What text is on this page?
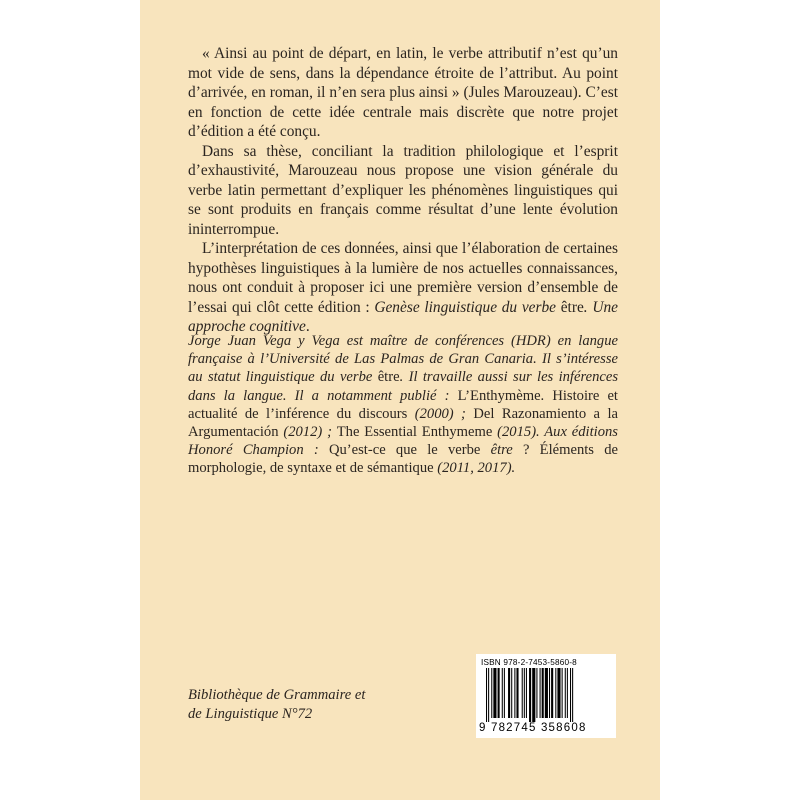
« Ainsi au point de départ, en latin, le verbe attributif n’est qu’un mot vide de sens, dans la dépendance étroite de l’attribut. Au point d’arrivée, en roman, il n’en sera plus ainsi » (Jules Marouzeau). C’est en fonction de cette idée centrale mais discrète que notre projet d’édition a été conçu.

Dans sa thèse, conciliant la tradition philologique et l’esprit d’exhaustivité, Marouzeau nous propose une vision générale du verbe latin permettant d’expliquer les phénomènes linguistiques qui se sont produits en français comme résultat d’une lente évolution ininterrompue.

L’interprétation de ces données, ainsi que l’élaboration de certaines hypothèses linguistiques à la lumière de nos actuelles connaissances, nous ont conduit à proposer ici une première version d’ensemble de l’essai qui clôt cette édition : Genèse linguistique du verbe être. Une approche cognitive.

Jorge Juan Vega y Vega est maître de conférences (HDR) en langue française à l’Université de Las Palmas de Gran Canaria. Il s’intéresse au statut linguistique du verbe être. Il travaille aussi sur les inférences dans la langue. Il a notamment publié : L’Enthymème. Histoire et actualité de l’inférence du discours (2000) ; Del Razonamiento a la Argumentación (2012) ; The Essential Enthymeme (2015). Aux éditions Honoré Champion : Qu’est-ce que le verbe être ? Éléments de morphologie, de syntaxe et de sémantique (2011, 2017).

Bibliothèque de Grammaire et
de Linguistique N°72
ISBN 978-2-7453-5860-8
9 782745 358608
